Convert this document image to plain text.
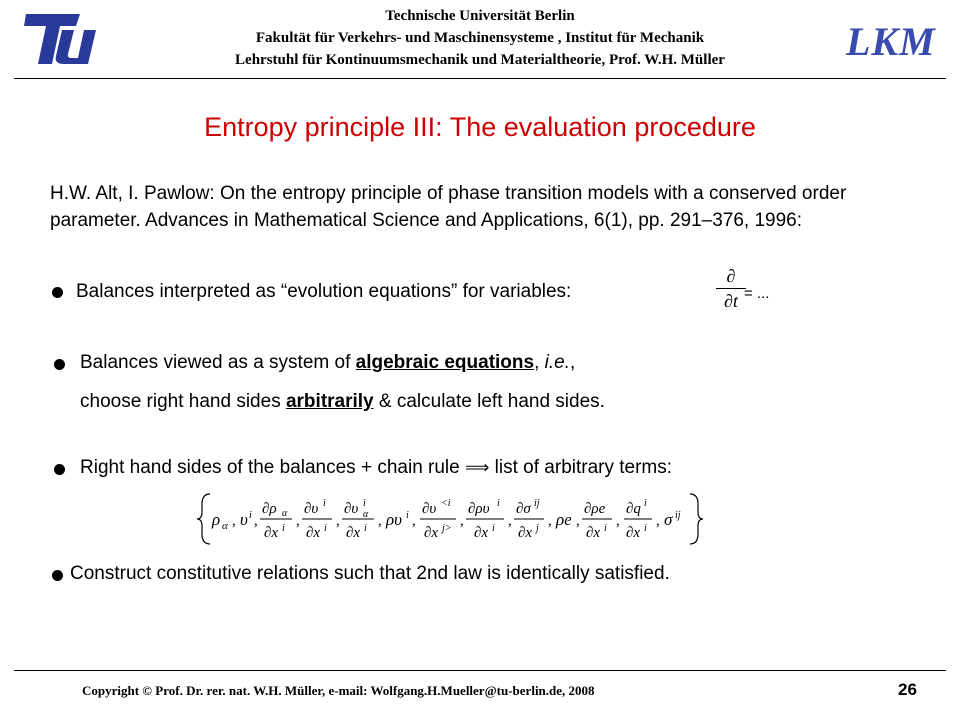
berlin
Technische Universität Berlin
Fakultät für Verkehrs- und Maschinensysteme , Institut für Mechanik
Lehrstuhl für Kontinuumsmechanik und Materialtheorie, Prof. W.H. Müller	LKM
Entropy principle III: The evaluation procedure
H.W. Alt, I. Pawlow: On the entropy principle of phase transition models with a conserved order parameter. Advances in Mathematical Science and Applications, 6(1), pp. 291–376, 1996:
Balances interpreted as “evolution equations” for variables:
∂
∂t = ...
Balances viewed as a system of algebraic equations, i.e.,
choose right hand sides arbitrarily & calculate left hand sides.
Right hand sides of the balances + chain rule ⟹ list of arbitrary terms:
ρ α , υ i ,
∂ρ α
∂x i ,
∂υ i
∂x i ,
∂υ i
α
∂x i , ρυ i ,
∂υ <i
∂x j> ,
∂ρυ i
∂x i ,
∂σ ij
∂x j , ρe ,
∂ρe
∂x i ,
∂q i
∂x i , σ ij
Construct constitutive relations such that 2nd law is identically satisfied.
Copyright © Prof. Dr. rer. nat. W.H. Müller, e-mail: Wolfgang.H.Mueller@tu-berlin.de, 2008	26
